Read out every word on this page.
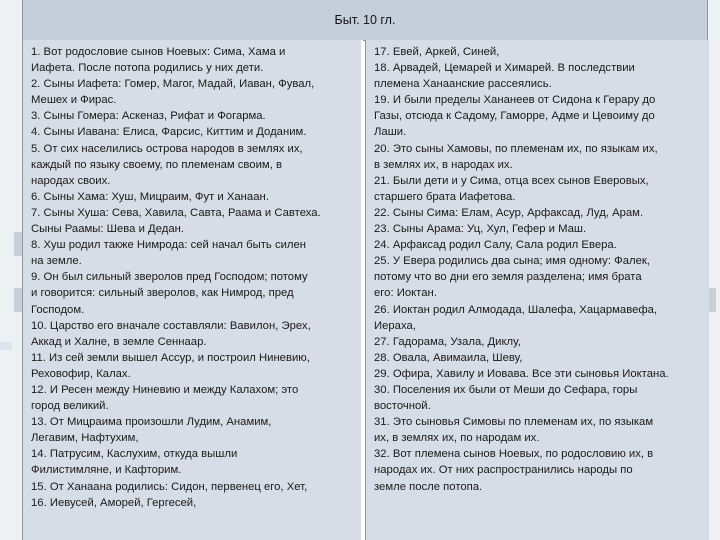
Быт. 10 гл.
1. Вот родословие сынов Ноевых: Сима, Хама и
Иафета. После потопа родились у них дети.
2. Сыны Иафета: Гомер, Магог, Мадай, Иаван, Фувал,
Мешех и Фирас.
3. Сыны Гомера: Аскеназ, Рифат и Фогарма.
4. Сыны Иавана: Елиса, Фарсис, Киттим и Доданим.
5. От сих населились острова народов в землях их,
каждый по языку своему, по племенам своим, в
народах своих.
6. Сыны Хама: Хуш, Мицраим, Фут и Ханаан.
7. Сыны Хуша: Сева, Хавила, Савта, Раама и Савтеха.
Сыны Раамы: Шева и Дедан.
8. Хуш родил также Нимрода: сей начал быть силен
на земле.
9. Он был сильный зверолов пред Господом; потому
и говорится: сильный зверолов, как Нимрод, пред
Господом.
10. Царство его вначале составляли: Вавилон, Эрех,
Аккад и Халне, в земле Сеннаар.
11. Из сей земли вышел Ассур, и построил Ниневию,
Реховофир, Калах.
12. И Ресен между Ниневию и между Калахом; это
город великий.
13. От Мицраима произошли Лудим, Анамим,
Легавим, Нафтухим,
14. Патрусим, Каслухим, откуда вышли
Филистимляне, и Кафторим.
15. От Ханаана родились: Сидон, первенец его, Хет,
16. Иевусей, Аморей, Гергесей,
17. Евей, Аркей, Синей,
18. Арвадей, Цемарей и Химарей. В последствии
племена Ханаанские рассеялись.
19. И были пределы Хананеев от Сидона к Герару до
Газы, отсюда к Садому, Гаморре, Адме и Цевоиму до
Лаши.
20. Это сыны Хамовы, по племенам их, по языкам их,
в землях их, в народах их.
21. Были дети и у Сима, отца всех сынов Еверовых,
старшего брата Иафетова.
22. Сыны Сима: Елам, Асур, Арфаксад, Луд, Арам.
23. Сыны Арама: Уц, Хул, Гефер и Маш.
24. Арфаксад родил Салу, Сала родил Евера.
25. У Евера родились два сына; имя одному: Фалек,
потому что во дни его земля разделена; имя брата
его: Иоктан.
26. Иоктан родил Алмодада, Шалефа, Хацармавефа,
Иераха,
27. Гадорама, Узала, Диклу,
28. Овала, Авимаила, Шеву,
29. Офира, Хавилу и Иовава. Все эти сыновья Иоктана.
30. Поселения их были от Меши до Сефара, горы
восточной.
31. Это сыновья Симовы по племенам их, по языкам
их, в землях их, по народам их.
32. Вот племена сынов Ноевых, по родословию их, в
народах их. От них распространились народы по
земле после потопа.
